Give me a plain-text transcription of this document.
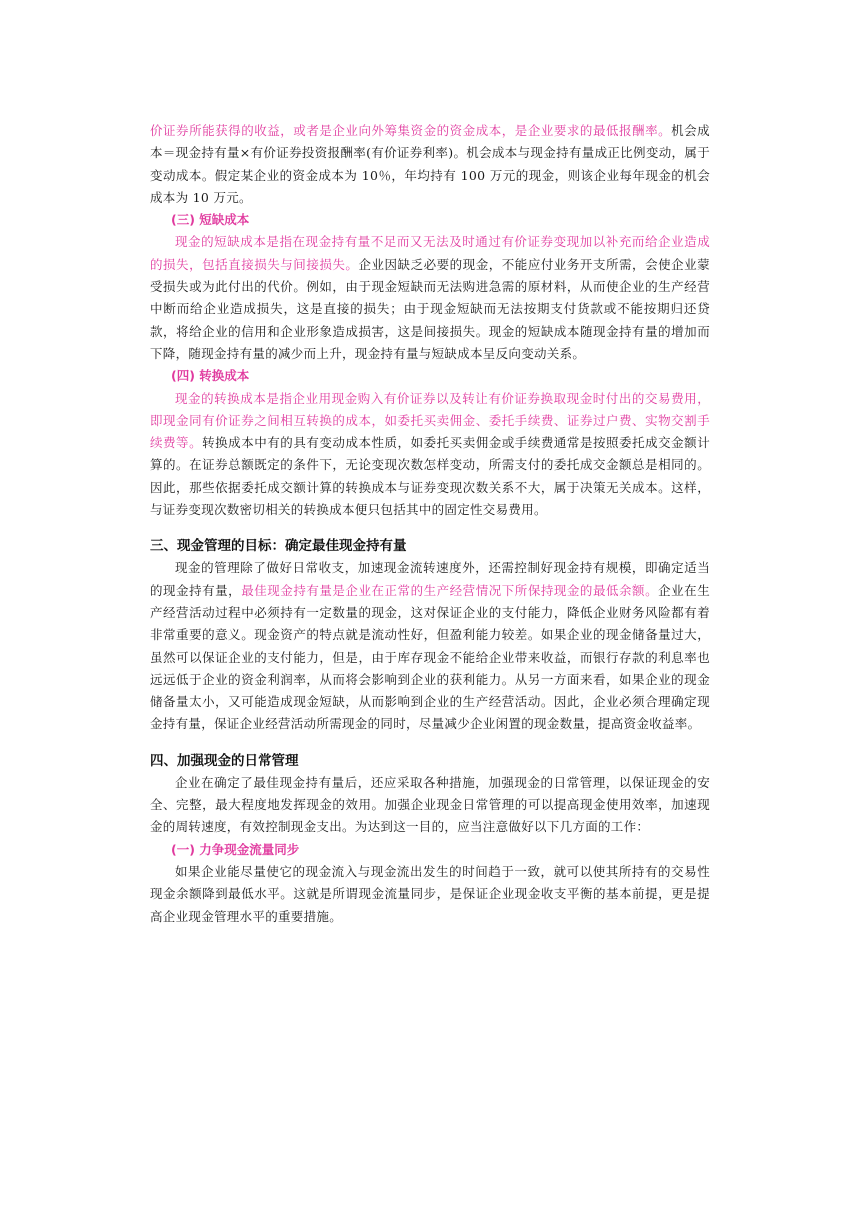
价证券所能获得的收益，或者是企业向外筹集资金的资金成本，是企业要求的最低报酬率。机会成本＝现金持有量×有价证券投资报酬率(有价证券利率)。机会成本与现金持有量成正比例变动，属于变动成本。假定某企业的资金成本为 10％，年均持有 100 万元的现金，则该企业每年现金的机会成本为 10 万元。

(三) 短缺成本

现金的短缺成本是指在现金持有量不足而又无法及时通过有价证券变现加以补充而给企业造成的损失，包括直接损失与间接损失。企业因缺乏必要的现金，不能应付业务开支所需，会使企业蒙受损失或为此付出的代价。例如，由于现金短缺而无法购进急需的原材料，从而使企业的生产经营中断而给企业造成损失，这是直接的损失；由于现金短缺而无法按期支付货款或不能按期归还贷款，将给企业的信用和企业形象造成损害，这是间接损失。现金的短缺成本随现金持有量的增加而下降，随现金持有量的减少而上升，现金持有量与短缺成本呈反向变动关系。

(四) 转换成本

现金的转换成本是指企业用现金购入有价证券以及转让有价证券换取现金时付出的交易费用，即现金同有价证券之间相互转换的成本，如委托买卖佣金、委托手续费、证券过户费、实物交割手续费等。转换成本中有的具有变动成本性质，如委托买卖佣金或手续费通常是按照委托成交金额计算的。在证券总额既定的条件下，无论变现次数怎样变动，所需支付的委托成交金额总是相同的。因此，那些依据委托成交额计算的转换成本与证券变现次数关系不大，属于决策无关成本。这样，与证券变现次数密切相关的转换成本便只包括其中的固定性交易费用。

三、现金管理的目标：确定最佳现金持有量

现金的管理除了做好日常收支，加速现金流转速度外，还需控制好现金持有规模，即确定适当的现金持有量，最佳现金持有量是企业在正常的生产经营情况下所保持现金的最低余额。企业在生产经营活动过程中必须持有一定数量的现金，这对保证企业的支付能力，降低企业财务风险都有着非常重要的意义。现金资产的特点就是流动性好，但盈利能力较差。如果企业的现金储备量过大，虽然可以保证企业的支付能力，但是，由于库存现金不能给企业带来收益，而银行存款的利息率也远远低于企业的资金利润率，从而将会影响到企业的获利能力。从另一方面来看，如果企业的现金储备量太小，又可能造成现金短缺，从而影响到企业的生产经营活动。因此，企业必须合理确定现金持有量，保证企业经营活动所需现金的同时，尽量减少企业闲置的现金数量，提高资金收益率。

四、加强现金的日常管理

企业在确定了最佳现金持有量后，还应采取各种措施，加强现金的日常管理，以保证现金的安全、完整，最大程度地发挥现金的效用。加强企业现金日常管理的可以提高现金使用效率，加速现金的周转速度，有效控制现金支出。为达到这一目的，应当注意做好以下几方面的工作：

(一) 力争现金流量同步

如果企业能尽量使它的现金流入与现金流出发生的时间趋于一致，就可以使其所持有的交易性现金余额降到最低水平。这就是所谓现金流量同步，是保证企业现金收支平衡的基本前提，更是提高企业现金管理水平的重要措施。
